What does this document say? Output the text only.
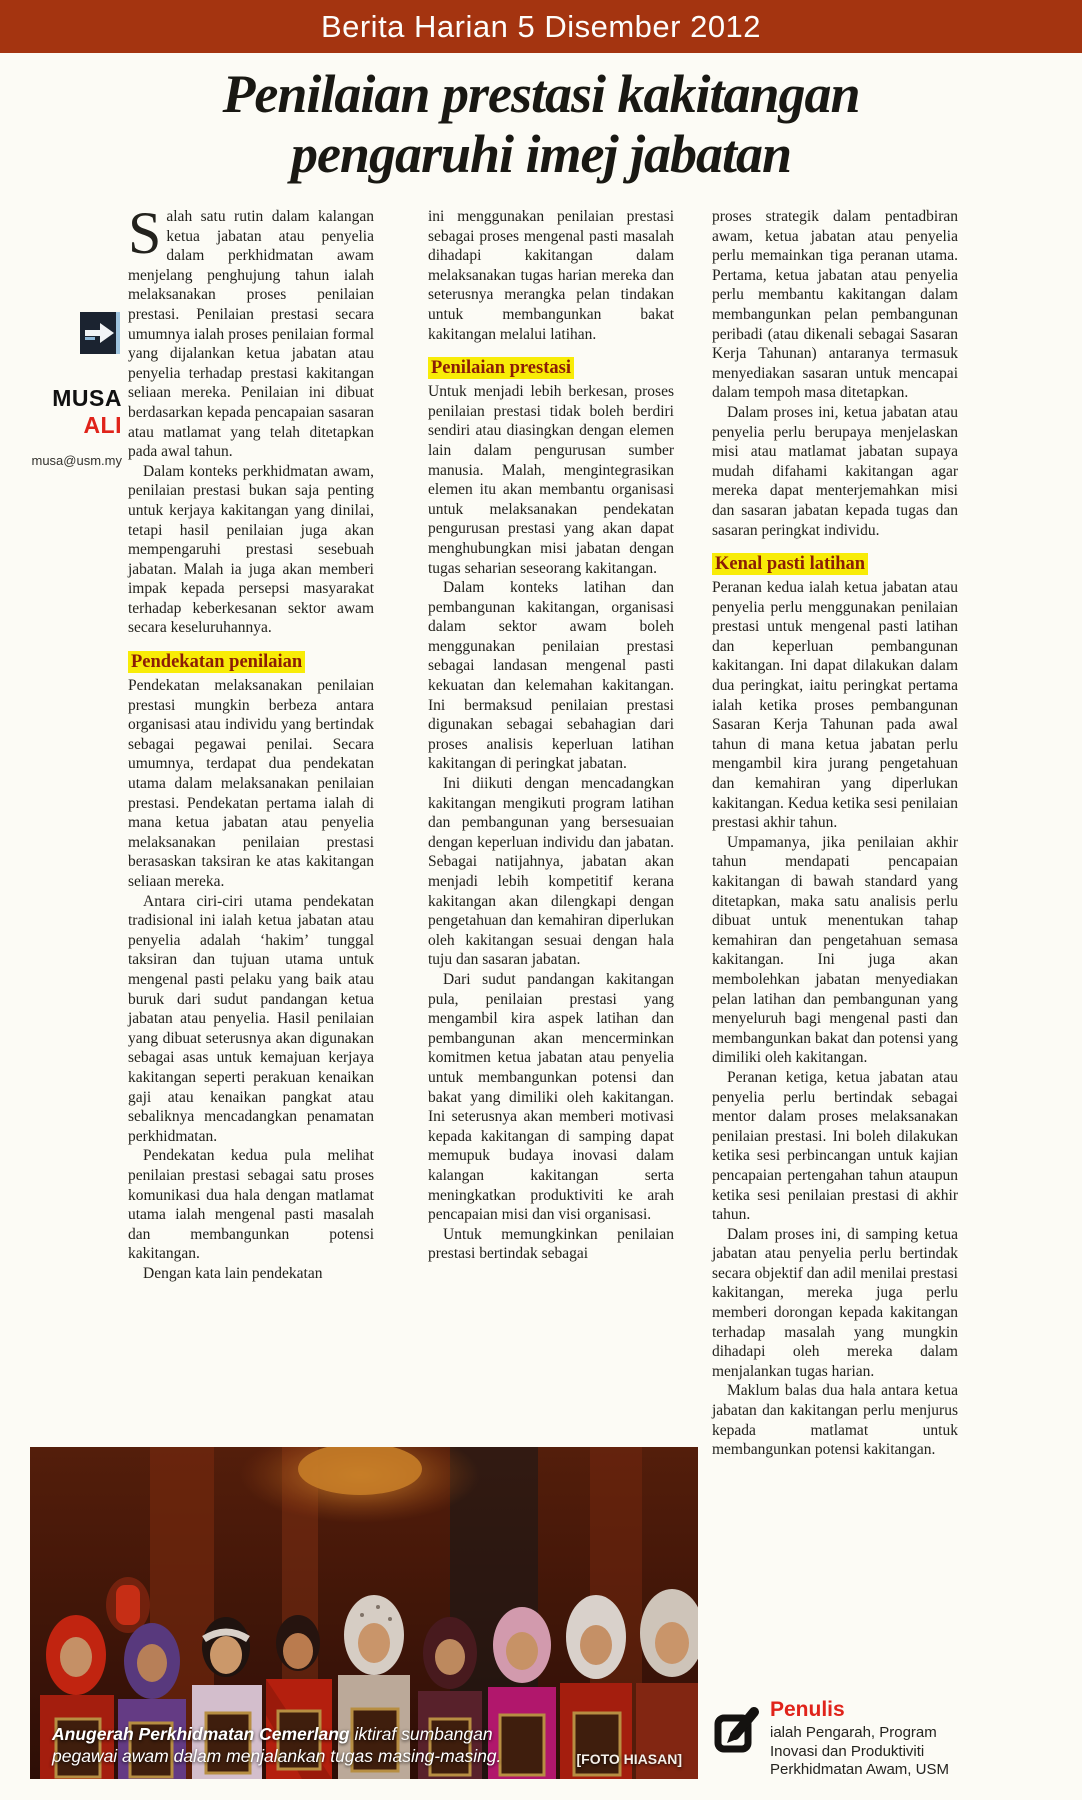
Berita Harian 5 Disember 2012
Penilaian prestasi kakitangan
pengaruhi imej jabatan
MUSA
ALI
musa@usm.my

Salah satu rutin dalam kalangan ketua jabatan atau penyelia dalam perkhidmatan awam menjelang penghujung tahun ialah melaksanakan proses penilaian prestasi. Penilaian prestasi secara umumnya ialah proses penilaian formal yang dijalankan ketua jabatan atau penyelia terhadap prestasi kakitangan seliaan mereka. Penilaian ini dibuat berdasarkan kepada pencapaian sasaran atau matlamat yang telah ditetapkan pada awal tahun.

Dalam konteks perkhidmatan awam, penilaian prestasi bukan saja penting untuk kerjaya kakitangan yang dinilai, tetapi hasil penilaian juga akan mempengaruhi prestasi sesebuah jabatan. Malah ia juga akan memberi impak kepada persepsi masyarakat terhadap keberkesanan sektor awam secara keseluruhannya.

Pendekatan penilaian

Pendekatan melaksanakan penilaian prestasi mungkin berbeza antara organisasi atau individu yang bertindak sebagai pegawai penilai. Secara umumnya, terdapat dua pendekatan utama dalam melaksanakan penilaian prestasi. Pendekatan pertama ialah di mana ketua jabatan atau penyelia melaksanakan penilaian prestasi berasaskan taksiran ke atas kakitangan seliaan mereka.

Antara ciri-ciri utama pendekatan tradisional ini ialah ketua jabatan atau penyelia adalah ‘hakim’ tunggal taksiran dan tujuan utama untuk mengenal pasti pelaku yang baik atau buruk dari sudut pandangan ketua jabatan atau penyelia. Hasil penilaian yang dibuat seterusnya akan digunakan sebagai asas untuk kemajuan kerjaya kakitangan seperti perakuan kenaikan gaji atau kenaikan pangkat atau sebaliknya mencadangkan penamatan perkhidmatan.

Pendekatan kedua pula melihat penilaian prestasi sebagai satu proses komunikasi dua hala dengan matlamat utama ialah mengenal pasti masalah dan membangunkan potensi kakitangan.

Dengan kata lain pendekatan

ini menggunakan penilaian prestasi sebagai proses mengenal pasti masalah dihadapi kakitangan dalam melaksanakan tugas harian mereka dan seterusnya merangka pelan tindakan untuk membangunkan bakat kakitangan melalui latihan.

Penilaian prestasi

Untuk menjadi lebih berkesan, proses penilaian prestasi tidak boleh berdiri sendiri atau diasingkan dengan elemen lain dalam pengurusan sumber manusia. Malah, mengintegrasikan elemen itu akan membantu organisasi untuk melaksanakan pendekatan pengurusan prestasi yang akan dapat menghubungkan misi jabatan dengan tugas seharian seseorang kakitangan.

Dalam konteks latihan dan pembangunan kakitangan, organisasi dalam sektor awam boleh menggunakan penilaian prestasi sebagai landasan mengenal pasti kekuatan dan kelemahan kakitangan. Ini bermaksud penilaian prestasi digunakan sebagai sebahagian dari proses analisis keperluan latihan kakitangan di peringkat jabatan.

Ini diikuti dengan mencadangkan kakitangan mengikuti program latihan dan pembangunan yang bersesuaian dengan keperluan individu dan jabatan. Sebagai natijahnya, jabatan akan menjadi lebih kompetitif kerana kakitangan akan dilengkapi dengan pengetahuan dan kemahiran diperlukan oleh kakitangan sesuai dengan hala tuju dan sasaran jabatan.

Dari sudut pandangan kakitangan pula, penilaian prestasi yang mengambil kira aspek latihan dan pembangunan akan mencerminkan komitmen ketua jabatan atau penyelia untuk membangunkan potensi dan bakat yang dimiliki oleh kakitangan. Ini seterusnya akan memberi motivasi kepada kakitangan di samping dapat memupuk budaya inovasi dalam kalangan kakitangan serta meningkatkan produktiviti ke arah pencapaian misi dan visi organisasi.

Untuk memungkinkan penilaian prestasi bertindak sebagai

proses strategik dalam pentadbiran awam, ketua jabatan atau penyelia perlu memainkan tiga peranan utama. Pertama, ketua jabatan atau penyelia perlu membantu kakitangan dalam membangunkan pelan pembangunan peribadi (atau dikenali sebagai Sasaran Kerja Tahunan) antaranya termasuk menyediakan sasaran untuk mencapai dalam tempoh masa ditetapkan.

Dalam proses ini, ketua jabatan atau penyelia perlu berupaya menjelaskan misi atau matlamat jabatan supaya mudah difahami kakitangan agar mereka dapat menterjemahkan misi dan sasaran jabatan kepada tugas dan sasaran peringkat individu.

Kenal pasti latihan

Peranan kedua ialah ketua jabatan atau penyelia perlu menggunakan penilaian prestasi untuk mengenal pasti latihan dan keperluan pembangunan kakitangan. Ini dapat dilakukan dalam dua peringkat, iaitu peringkat pertama ialah ketika proses pembangunan Sasaran Kerja Tahunan pada awal tahun di mana ketua jabatan perlu mengambil kira jurang pengetahuan dan kemahiran yang diperlukan kakitangan. Kedua ketika sesi penilaian prestasi akhir tahun.

Umpamanya, jika penilaian akhir tahun mendapati pencapaian kakitangan di bawah standard yang ditetapkan, maka satu analisis perlu dibuat untuk menentukan tahap kemahiran dan pengetahuan semasa kakitangan. Ini juga akan membolehkan jabatan menyediakan pelan latihan dan pembangunan yang menyeluruh bagi mengenal pasti dan membangunkan bakat dan potensi yang dimiliki oleh kakitangan.

Peranan ketiga, ketua jabatan atau penyelia perlu bertindak sebagai mentor dalam proses melaksanakan penilaian prestasi. Ini boleh dilakukan ketika sesi perbincangan untuk kajian pencapaian pertengahan tahun ataupun ketika sesi penilaian prestasi di akhir tahun.

Dalam proses ini, di samping ketua jabatan atau penyelia perlu bertindak secara objektif dan adil menilai prestasi kakitangan, mereka juga perlu memberi dorongan kepada kakitangan terhadap masalah yang mungkin dihadapi oleh mereka dalam menjalankan tugas harian.

Maklum balas dua hala antara ketua jabatan dan kakitangan perlu menjurus kepada matlamat untuk membangunkan potensi kakitangan.

Anugerah Perkhidmatan Cemerlang iktiraf sumbangan pegawai awam dalam menjalankan tugas masing-masing.	[FOTO HIASAN]
Penulis
ialah Pengarah, Program Inovasi dan Produktiviti Perkhidmatan Awam, USM
